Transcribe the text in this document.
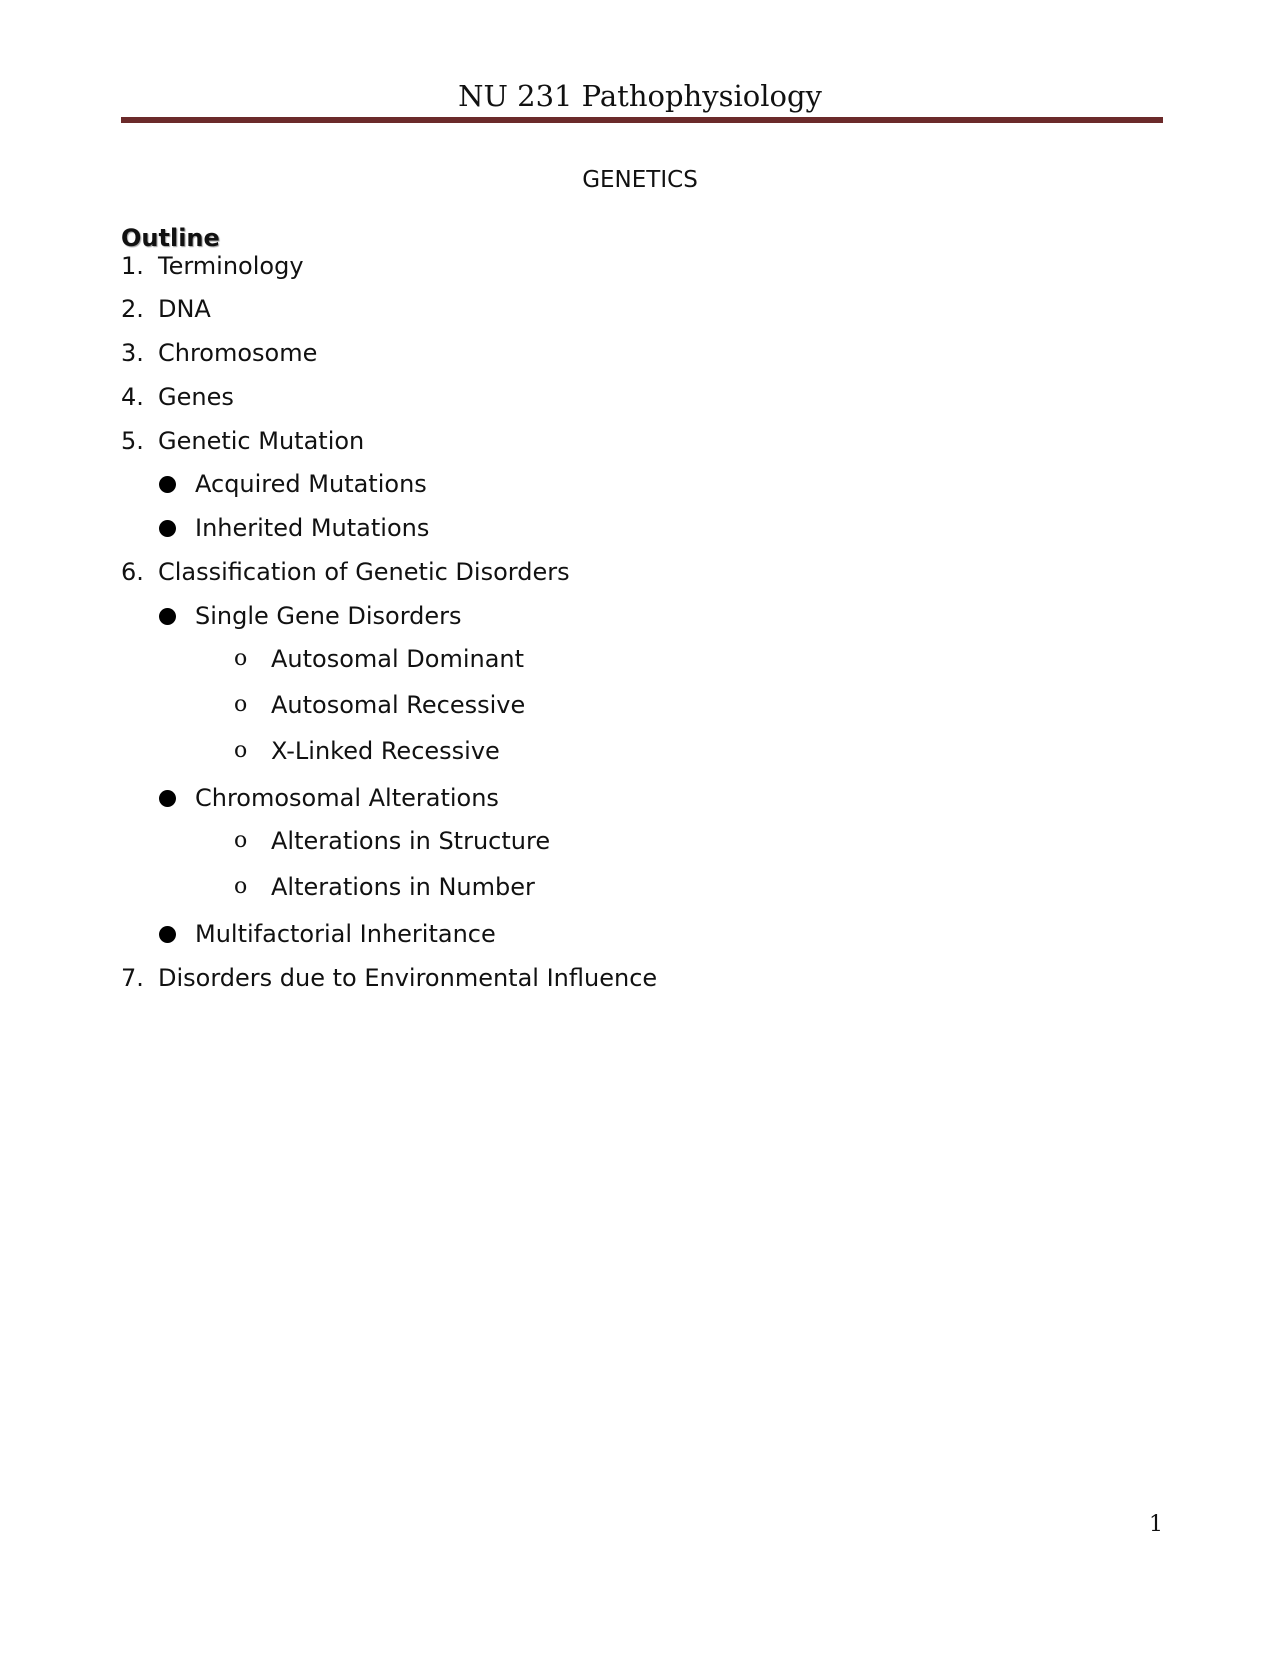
NU 231 Pathophysiology
GENETICS
Outline
1. Terminology
2. DNA
3. Chromosome
4. Genes
5. Genetic Mutation
Acquired Mutations
Inherited Mutations
6. Classification of Genetic Disorders
Single Gene Disorders
o Autosomal Dominant
o Autosomal Recessive
o X-Linked Recessive
Chromosomal Alterations
o Alterations in Structure
o Alterations in Number
Multifactorial Inheritance
7. Disorders due to Environmental Influence
1
